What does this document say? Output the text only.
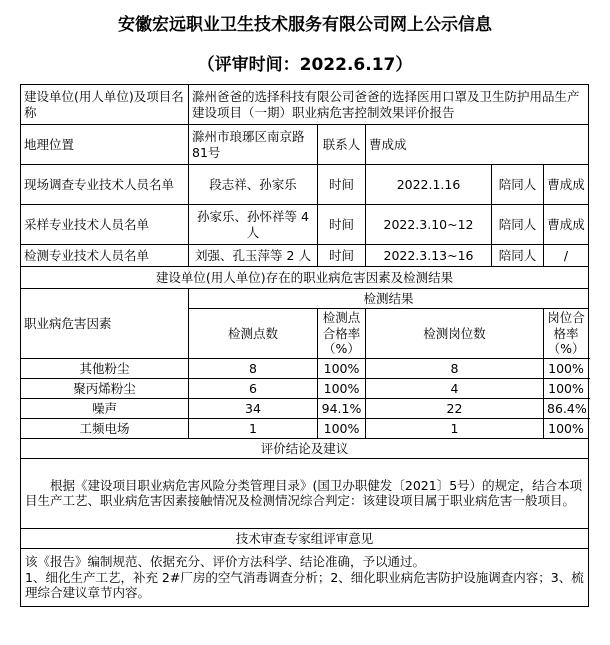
安徽宏远职业卫生技术服务有限公司网上公示信息
（评审时间：2022.6.17）
建设单位(用人单位)及项目名称	滁州爸爸的选择科技有限公司爸爸的选择医用口罩及卫生防护用品生产建设项目（一期）职业病危害控制效果评价报告				
地理位置	滁州市琅琊区南京路 81号	联系人	曹成成		
现场调查专业技术人员名单	段志祥、孙家乐	时间	2022.1.16	陪同人	曹成成
采样专业技术人员名单	孙家乐、孙怀祥等 4 人	时间	2022.3.10~12	陪同人	曹成成
检测专业技术人员名单	刘强、孔玉萍等 2 人	时间	2022.3.13~16	陪同人	/
建设单位(用人单位)存在的职业病危害因素及检测结果					
职业病危害因素	检测结果				
	检测点数	检测点合格率（%）	检测岗位数		岗位合格率（%）
其他粉尘	8	100%	8		100%
聚丙烯粉尘	6	100%	4		100%
噪声	34	94.1%	22		86.4%
工频电场	1	100%	1		100%
评价结论及建议					
根据《建设项目职业病危害风险分类管理目录》(国卫办职健发〔2021〕5号）的规定，结合本项目生产工艺、职业病危害因素接触情况及检测情况综合判定：该建设项目属于职业病危害一般项目。					
技术审查专家组评审意见					

该《报告》编制规范、依据充分、评价方法科学、结论准确，予以通过。
1、细化生产工艺，补充 2#厂房的空气消毒调查分析；2、细化职业病危害防护设施调查内容；3、梳理综合建议章节内容。					
